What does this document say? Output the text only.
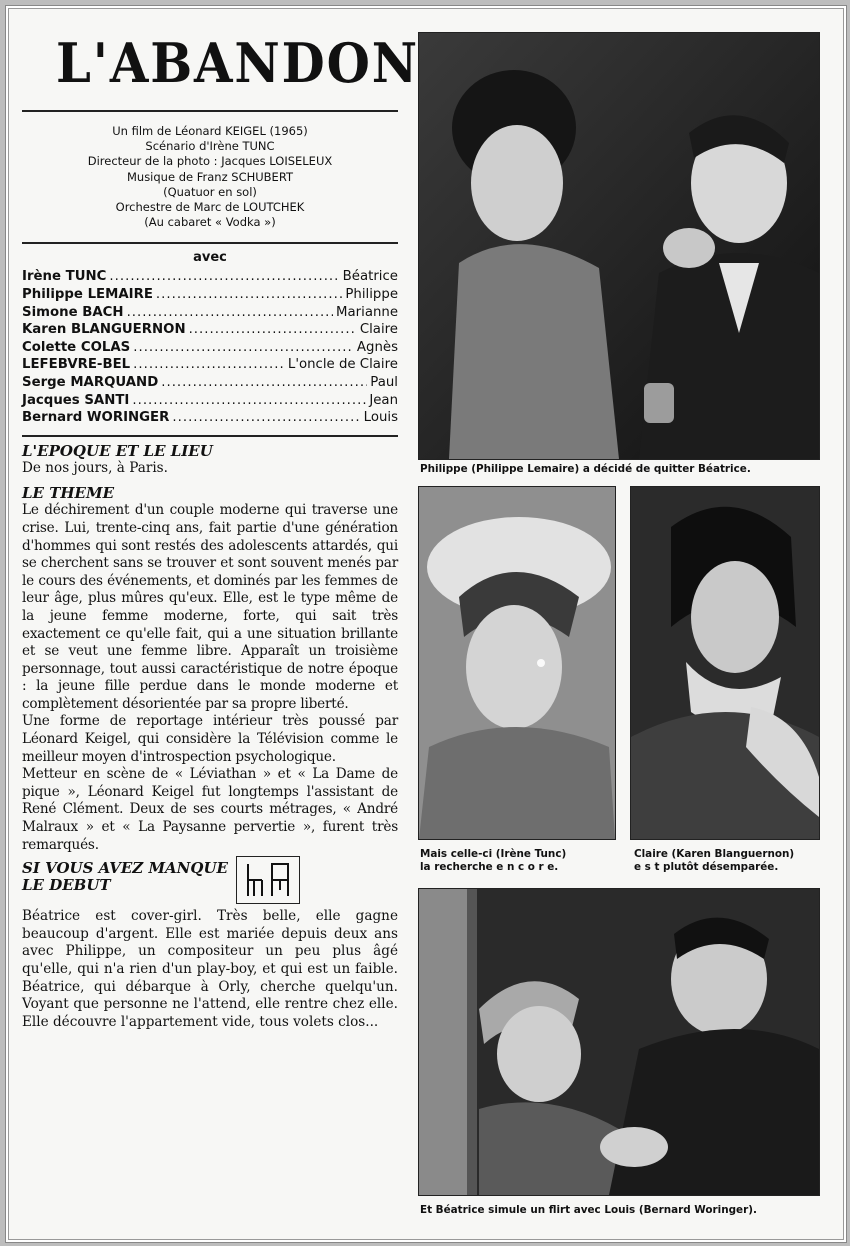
L'ABANDON
Un film de Léonard KEIGEL (1965)
Scénario d'Irène TUNC
Directeur de la photo : Jacques LOISELEUX
Musique de Franz SCHUBERT
(Quatuor en sol)
Orchestre de Marc de LOUTCHEK
(Au cabaret « Vodka »)
avec
Irène TUNC .....	Béatrice
Philippe LEMAIRE .....	Philippe
Simone BACH .....	Marianne
Karen BLANGUERNON .....	Claire
Colette COLAS .....	Agnès
LEFEBVRE-BEL .....	L'oncle de Claire
Serge MARQUAND .....	Paul
Jacques SANTI .....	Jean
Bernard WORINGER .....	Louis
L'EPOQUE ET LE LIEU

De nos jours, à Paris.

LE THEME

Le déchirement d'un couple moderne qui traverse une crise. Lui, trente-cinq ans, fait partie d'une génération d'hommes qui sont restés des adolescents attardés, qui se cherchent sans se trouver et sont souvent menés par le cours des événements, et dominés par les femmes de leur âge, plus mûres qu'eux. Elle, est le type même de la jeune femme moderne, forte, qui sait très exactement ce qu'elle fait, qui a une situation brillante et se veut une femme libre. Apparaît un troisième personnage, tout aussi caractéristique de notre époque : la jeune fille perdue dans le monde moderne et complètement désorientée par sa propre liberté.

Une forme de reportage intérieur très poussé par Léonard Keigel, qui considère la Télévision comme le meilleur moyen d'introspection psychologique.

Metteur en scène de « Léviathan » et « La Dame de pique », Léonard Keigel fut longtemps l'assistant de René Clément. Deux de ses courts métrages, « André Malraux » et « La Paysanne pervertie », furent très remarqués.

SI VOUS AVEZ MANQUE
LE DEBUT

Béatrice est cover-girl. Très belle, elle gagne beaucoup d'argent. Elle est mariée depuis deux ans avec Philippe, un compositeur un peu plus âgé qu'elle, qui n'a rien d'un play-boy, et qui est un faible. Béatrice, qui débarque à Orly, cherche quelqu'un. Voyant que personne ne l'attend, elle rentre chez elle. Elle découvre l'appartement vide, tous volets clos...

Philippe (Philippe Lemaire) a décidé de quitter Béatrice.
Mais celle-ci (Irène Tunc)
la recherche e n c o r e.
Claire (Karen Blanguernon)
e s t plutôt désemparée.
Et Béatrice simule un flirt avec Louis (Bernard Woringer).
